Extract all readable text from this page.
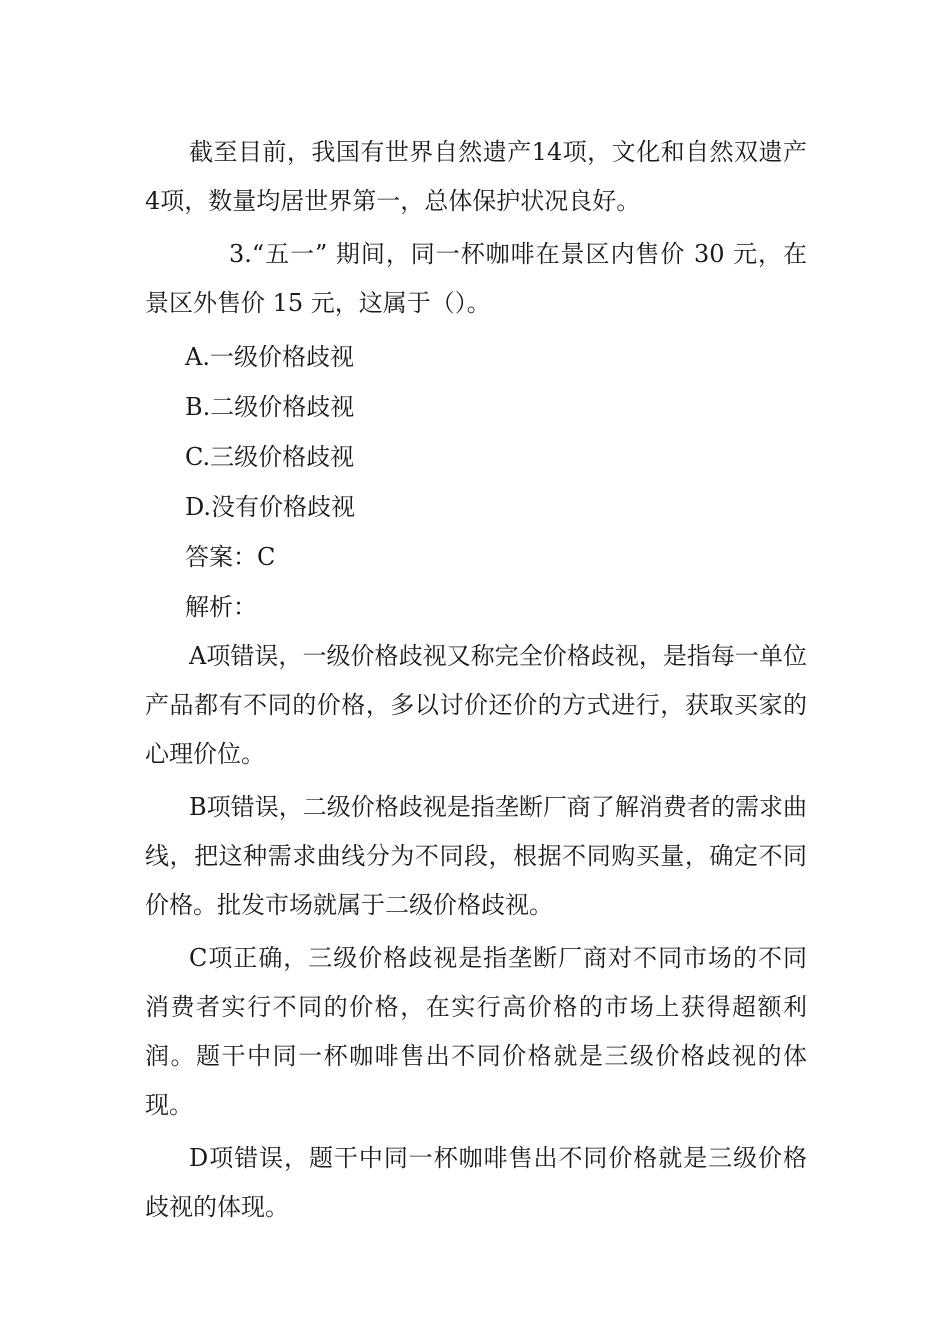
截至目前，我国有世界自然遗产14项，文化和自然双遗产4项，数量均居世界第一，总体保护状况良好。

3.“五一” 期间，同一杯咖啡在景区内售价 30 元，在景区外售价 15 元，这属于（）。

A.一级价格歧视

B.二级价格歧视

C.三级价格歧视

D.没有价格歧视

答案：C

解析：

A项错误，一级价格歧视又称完全价格歧视，是指每一单位产品都有不同的价格，多以讨价还价的方式进行，获取买家的心理价位。

B项错误，二级价格歧视是指垄断厂商了解消费者的需求曲线，把这种需求曲线分为不同段，根据不同购买量，确定不同价格。批发市场就属于二级价格歧视。

C项正确，三级价格歧视是指垄断厂商对不同市场的不同消费者实行不同的价格，在实行高价格的市场上获得超额利润。题干中同一杯咖啡售出不同价格就是三级价格歧视的体现。

D项错误，题干中同一杯咖啡售出不同价格就是三级价格歧视的体现。
